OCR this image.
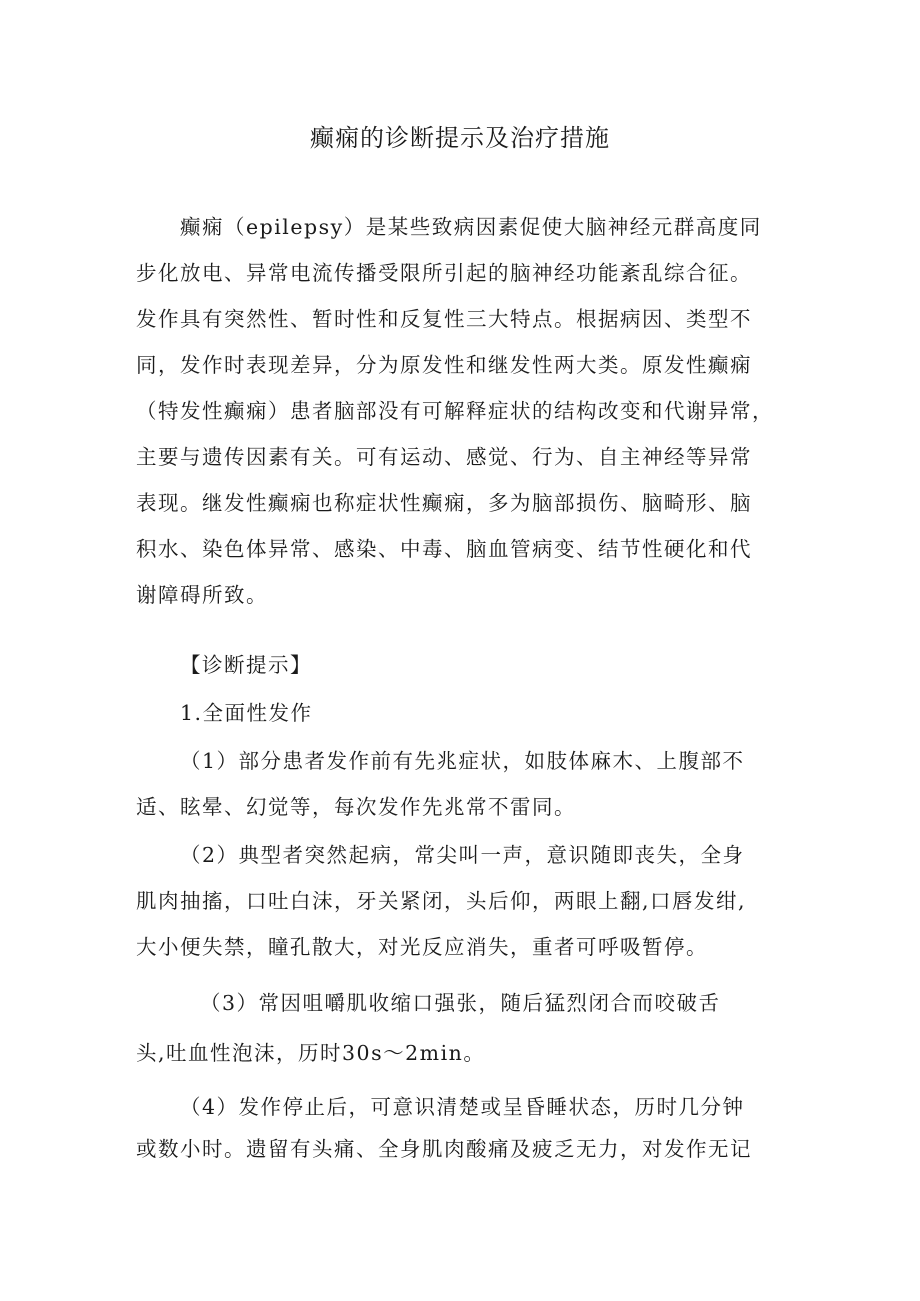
癫痫的诊断提示及治疗措施
癫痫（epilepsy）是某些致病因素促使大脑神经元群高度同
步化放电、异常电流传播受限所引起的脑神经功能紊乱综合征。
发作具有突然性、暂时性和反复性三大特点。根据病因、类型不
同，发作时表现差异，分为原发性和继发性两大类。原发性癫痫
（特发性癫痫）患者脑部没有可解释症状的结构改变和代谢异常，
主要与遗传因素有关。可有运动、感觉、行为、自主神经等异常
表现。继发性癫痫也称症状性癫痫，多为脑部损伤、脑畸形、脑
积水、染色体异常、感染、中毒、脑血管病变、结节性硬化和代
谢障碍所致。
【诊断提示】
1.全面性发作
（1）部分患者发作前有先兆症状，如肢体麻木、上腹部不
适、眩晕、幻觉等，每次发作先兆常不雷同。
（2）典型者突然起病，常尖叫一声，意识随即丧失，全身
肌肉抽搐，口吐白沫，牙关紧闭，头后仰，两眼上翻,口唇发绀,
大小便失禁，瞳孔散大，对光反应消失，重者可呼吸暂停。
（3）常因咀嚼肌收缩口强张，随后猛烈闭合而咬破舌
头,吐血性泡沫，历时30s～2min。
（4）发作停止后，可意识清楚或呈昏睡状态，历时几分钟
或数小时。遗留有头痛、全身肌肉酸痛及疲乏无力，对发作无记
